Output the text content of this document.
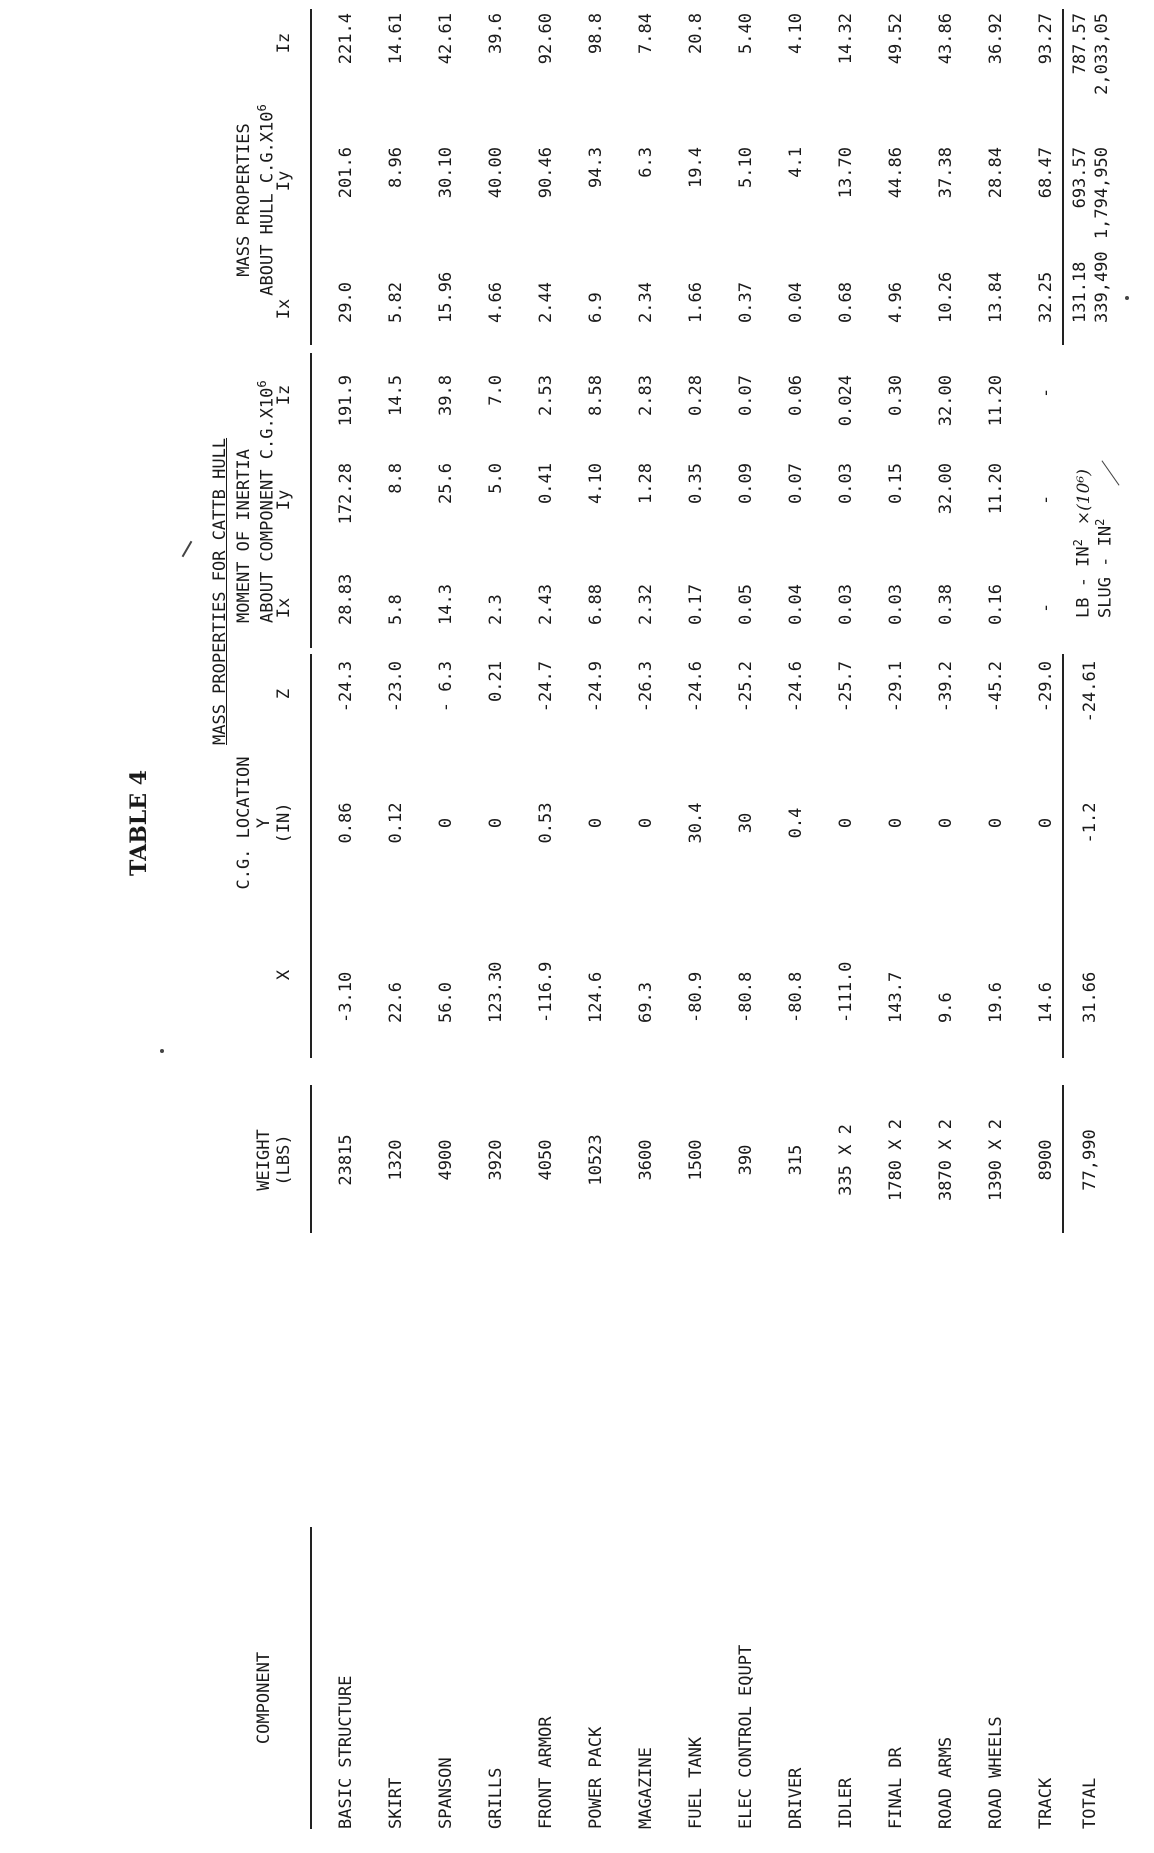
TABLE 4
MASS PROPERTIES FOR CATTB HULL
COMPONENT
WEIGHT (LBS)
C.G. LOCATION
X
Y (IN)
Z
MOMENT OF INERTIA ABOUT COMPONENT $C.G.X10^6$
Ix
Iy
Iz
MASS PROPERTIES ABOUT HULL $C.G.X10^6$
Ix
Iy
Iz
BASIC STRUCTURE
23815
-3.10
0.86
-24.3
28.83
172.28
191.9
29.0
201.6
221.4
SKIRT
1320
22.6
0.12
-23.0
5.8
8.8
14.5
5.82
8.96
14.61
SPANSON
4900
56.0
0
- 6.3
14.3
25.6
39.8
15.96
30.10
42.61
GRILLS
3920
123.30
0
0.21
2.3
5.0
7.0
4.66
40.00
39.6
FRONT ARMOR
4050
-116.9
0.53
-24.7
2.43
0.41
2.53
2.44
90.46
92.60
POWER PACK
10523
124.6
0
-24.9
6.88
4.10
8.58
6.9
94.3
98.8
MAGAZINE
3600
69.3
0
-26.3
2.32
1.28
2.83
2.34
6.3
7.84
FUEL TANK
1500
-80.9
30.4
-24.6
0.17
0.35
0.28
1.66
19.4
20.8
ELEC CONTROL EQUPT
390
-80.8
30
-25.2
0.05
0.09
0.07
0.37
5.10
5.40
DRIVER
315
-80.8
0.4
-24.6
0.04
0.07
0.06
0.04
4.1
4.10
IDLER
335 X 2
-111.0
0
-25.7
0.03
0.03
0.024
0.68
13.70
14.32
FINAL DR
1780 X 2
143.7
0
-29.1
0.03
0.15
0.30
4.96
44.86
49.52
ROAD ARMS
3870 X 2
9.6
0
-39.2
0.38
32.00
32.00
10.26
37.38
43.86
ROAD WHEELS
1390 X 2
19.6
0
-45.2
0.16
11.20
11.20
13.84
28.84
36.92
TRACK
8900
14.6
0
-29.0
-
-
-
32.25
68.47
93.27
TOTAL
77,990
31.66
-1.2
-24.61
LB - $IN^2\times(10^6)$
SLUG - $IN^2$
131.18
693.57
787.57
339,490
1,794,950
2,033,05
